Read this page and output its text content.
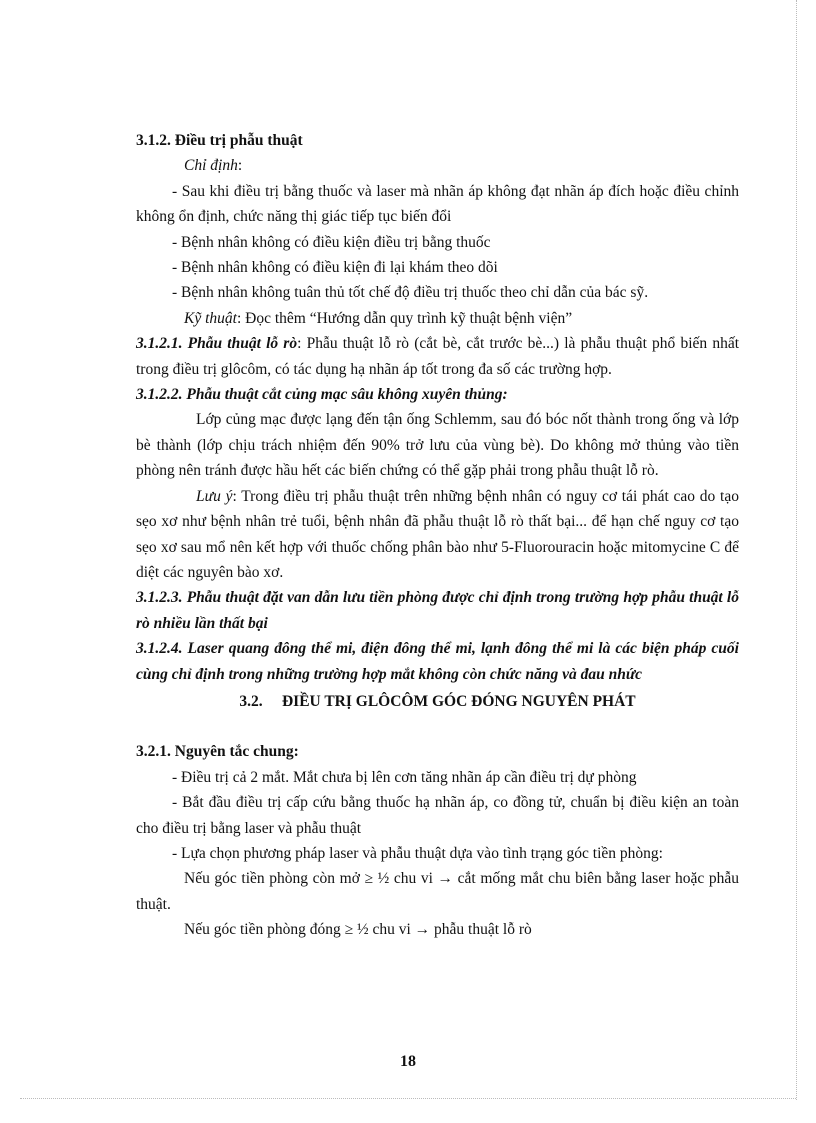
3.1.2. Điều trị phẫu thuật

Chỉ định:

- Sau khi điều trị bằng thuốc và laser mà nhãn áp không đạt nhãn áp đích hoặc điều chỉnh không ổn định, chức năng thị giác tiếp tục biến đổi

- Bệnh nhân không có điều kiện điều trị bằng thuốc

- Bệnh nhân không có điều kiện đi lại khám theo dõi

- Bệnh nhân không tuân thủ tốt chế độ điều trị thuốc theo chỉ dẫn của bác sỹ.

Kỹ thuật: Đọc thêm “Hướng dẫn quy trình kỹ thuật bệnh viện”

3.1.2.1. Phẫu thuật lỗ rò: Phẫu thuật lỗ rò (cắt bè, cắt trước bè...) là phẫu thuật phổ biến nhất trong điều trị glôcôm, có tác dụng hạ nhãn áp tốt trong đa số các trường hợp.

3.1.2.2. Phẫu thuật cắt củng mạc sâu không xuyên thủng:

Lớp củng mạc được lạng đến tận ống Schlemm, sau đó bóc nốt thành trong ống và lớp bè thành (lớp chịu trách nhiệm đến 90% trở lưu của vùng bè). Do không mở thủng vào tiền phòng nên tránh được hầu hết các biến chứng có thể gặp phải trong phẫu thuật lỗ rò.

Lưu ý: Trong điều trị phẫu thuật trên những bệnh nhân có nguy cơ tái phát cao do tạo sẹo xơ như bệnh nhân trẻ tuổi, bệnh nhân đã phẫu thuật lỗ rò thất bại... để hạn chế nguy cơ tạo sẹo xơ sau mổ nên kết hợp với thuốc chống phân bào như 5-Fluorouracin hoặc mitomycine C để diệt các nguyên bào xơ.

3.1.2.3. Phẫu thuật đặt van dẫn lưu tiền phòng được chỉ định trong trường hợp phẫu thuật lỗ rò nhiều lần thất bại

3.1.2.4. Laser quang đông thể mi, điện đông thể mi, lạnh đông thể mi là các biện pháp cuối cùng chỉ định trong những trường hợp mắt không còn chức năng và đau nhức

3.2.     ĐIỀU TRỊ GLÔCÔM GÓC ĐÓNG NGUYÊN PHÁT

3.2.1. Nguyên tắc chung:

- Điều trị cả 2 mắt. Mắt chưa bị lên cơn tăng nhãn áp cần điều trị dự phòng

- Bắt đầu điều trị cấp cứu bằng thuốc hạ nhãn áp, co đồng tử, chuẩn bị điều kiện an toàn cho điều trị bằng laser và phẫu thuật

- Lựa chọn phương pháp laser và phẫu thuật dựa vào tình trạng góc tiền phòng:

Nếu góc tiền phòng còn mở ≥ ½ chu vi → cắt mống mắt chu biên bằng laser hoặc phẫu thuật.

Nếu góc tiền phòng đóng ≥ ½ chu vi → phẫu thuật lỗ rò

18
